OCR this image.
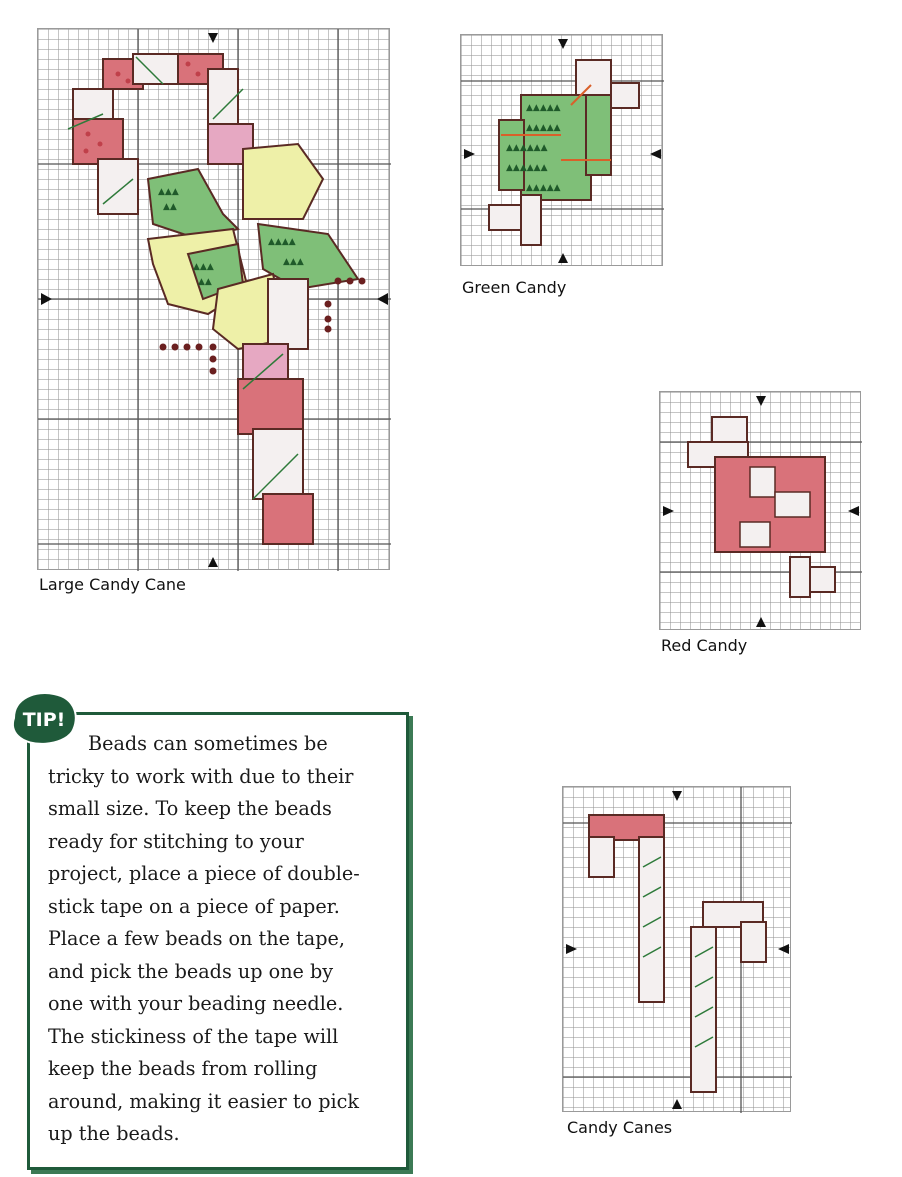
▲▲▲
▲▲
▲▲▲▲
▲▲▲
▲▲▲
▲▲
Large Candy Cane
▲▲▲▲▲
▲▲▲▲▲
▲▲▲▲▲▲
▲▲▲▲▲▲
▲▲▲▲▲
Green Candy
Red Candy
Candy Canes
TIP!
Beads can sometimes be
tricky to work with due to their
small size. To keep the beads
ready for stitching to your
project, place a piece of double-
stick tape on a piece of paper.
Place a few beads on the tape,
and pick the beads up one by
one with your beading needle.
The stickiness of the tape will
keep the beads from rolling
around, making it easier to pick
up the beads.
